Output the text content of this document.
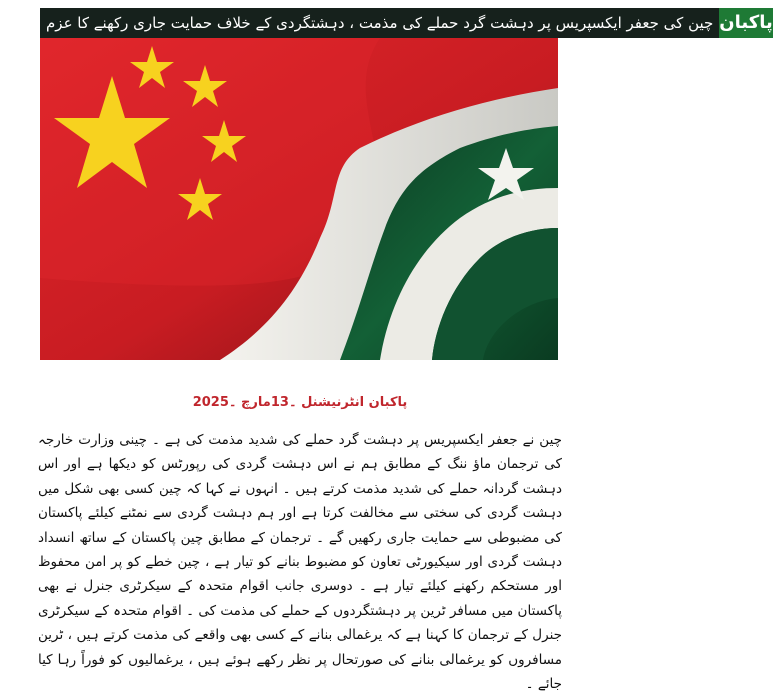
چین کی جعفر ایکسپریس پر دہشت گرد حملے کی مذمت ، دہشتگردی کے خلاف حمایت جاری رکھنے کا عزم پاکبان
پاکبان انٹرنیشنل ۔13مارچ ۔2025
چین نے جعفر ایکسپریس پر دہشت گرد حملے کی شدید مذمت کی ہے ۔ چینی وزارت خارجہ کی ترجمان ماؤ ننگ کے مطابق ہم نے اس دہشت گردی کی رپورٹس کو دیکھا ہے اور اس دہشت گردانہ حملے کی شدید مذمت کرتے ہیں ۔ انہوں نے کہا کہ چین کسی بھی شکل میں دہشت گردی کی سختی سے مخالفت کرتا ہے اور ہم دہشت گردی سے نمٹنے کیلئے پاکستان کی مضبوطی سے حمایت جاری رکھیں گے ۔ ترجمان کے مطابق چین پاکستان کے ساتھ انسداد دہشت گردی اور سیکیورٹی تعاون کو مضبوط بنانے کو تیار ہے ، چین خطے کو پر امن محفوظ اور مستحکم رکھنے کیلئے تیار ہے ۔ دوسری جانب اقوام متحدہ کے سیکرٹری جنرل نے بھی پاکستان میں مسافر ٹرین پر دہشتگردوں کے حملے کی مذمت کی ۔ اقوام متحدہ کے سیکرٹری جنرل کے ترجمان کا کہنا ہے کہ یرغمالی بنانے کے کسی بھی واقعے کی مذمت کرتے ہیں ، ٹرین مسافروں کو یرغمالی بنانے کی صورتحال پر نظر رکھے ہوئے ہیں ، یرغمالیوں کو فوراً رہا کیا جائے ۔
